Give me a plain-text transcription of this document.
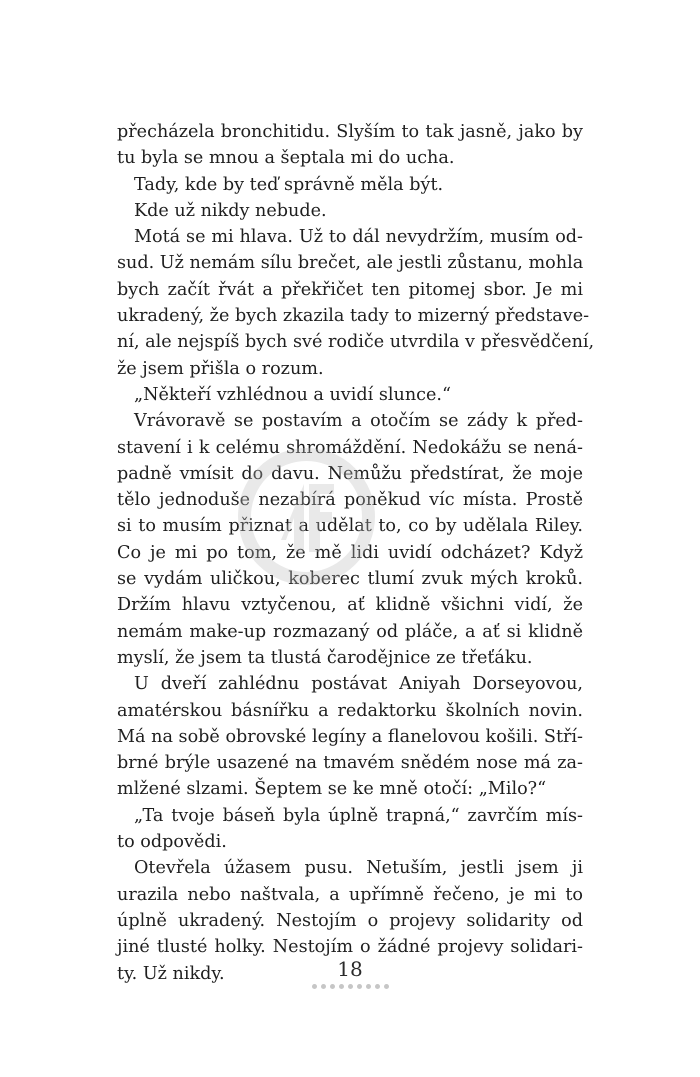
přecházela bronchitidu. Slyším to tak jasně, jako by
tu byla se mnou a šeptala mi do ucha.
Tady, kde by teď správně měla být.
Kde už nikdy nebude.
Motá se mi hlava. Už to dál nevydržím, musím od-
sud. Už nemám sílu brečet, ale jestli zůstanu, mohla
bych začít řvát a překřičet ten pitomej sbor. Je mi
ukradený, že bych zkazila tady to mizerný představe-
ní, ale nejspíš bych své rodiče utvrdila v přesvědčení,
že jsem přišla o rozum.
„Někteří vzhlédnou a uvidí slunce.“
Vrávoravě se postavím a otočím se zády k před-
stavení i k celému shromáždění. Nedokážu se nená-
padně vmísit do davu. Nemůžu předstírat, že moje
tělo jednoduše nezabírá poněkud víc místa. Prostě
si to musím přiznat a udělat to, co by udělala Riley.
Co je mi po tom, že mě lidi uvidí odcházet? Když
se vydám uličkou, koberec tlumí zvuk mých kroků.
Držím hlavu vztyčenou, ať klidně všichni vidí, že
nemám make-up rozmazaný od pláče, a ať si klidně
myslí, že jsem ta tlustá čarodějnice ze třeťáku.
U dveří zahlédnu postávat Aniyah Dorseyovou,
amatérskou básnířku a redaktorku školních novin.
Má na sobě obrovské legíny a flanelovou košili. Stří-
brné brýle usazené na tmavém snědém nose má za-
mlžené slzami. Šeptem se ke mně otočí: „Milo?“
„Ta tvoje báseň byla úplně trapná,“ zavrčím mís-
to odpovědi.
Otevřela úžasem pusu. Netuším, jestli jsem ji
urazila nebo naštvala, a upřímně řečeno, je mi to
úplně ukradený. Nestojím o projevy solidarity od
jiné tlusté holky. Nestojím o žádné projevy solidari-
ty. Už nikdy.	18
